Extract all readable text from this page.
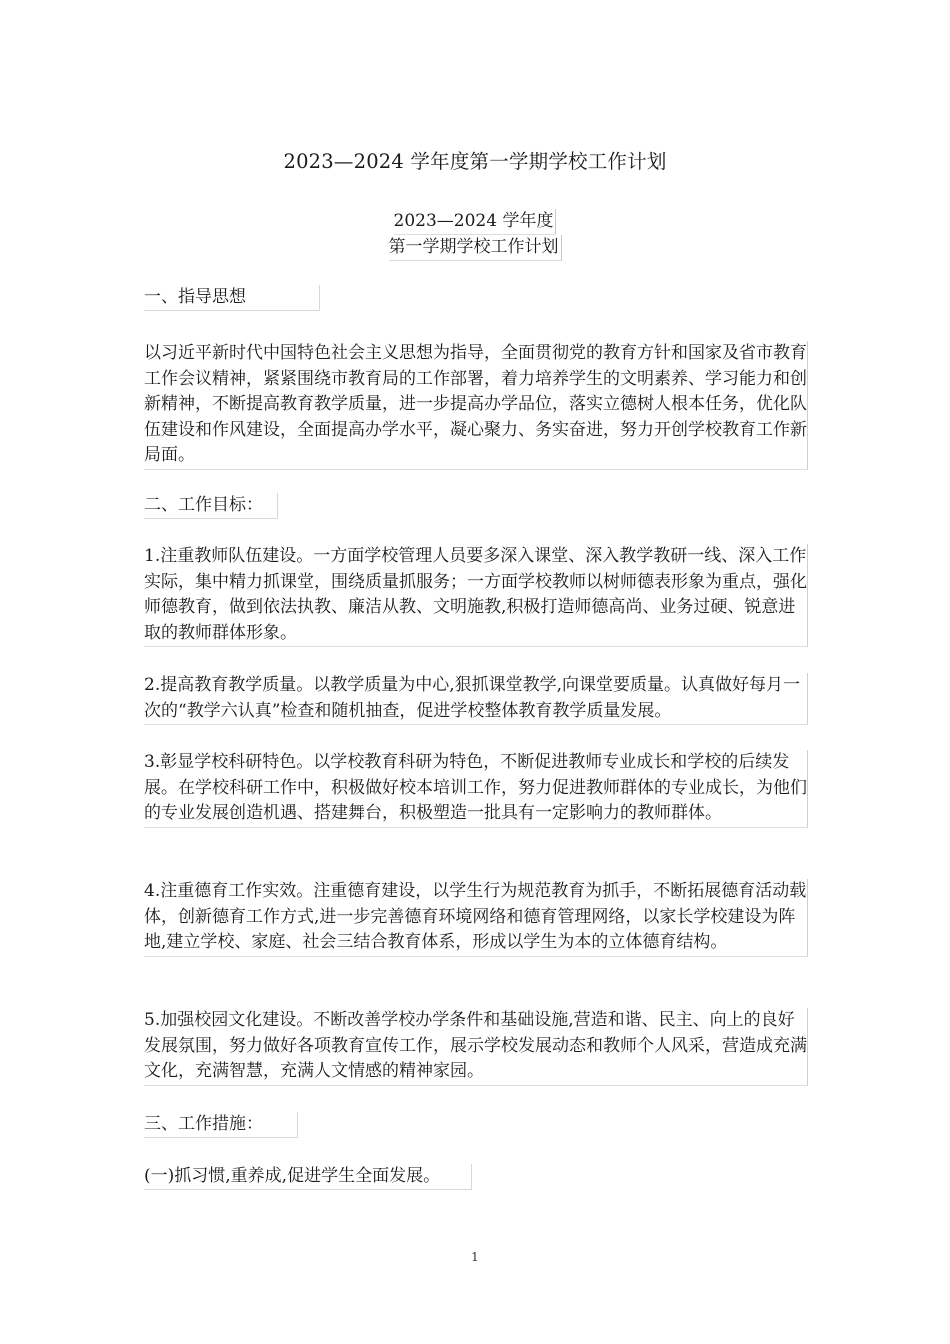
2023—2024 学年度第一学期学校工作计划
2023—2024 学年度
第一学期学校工作计划
一、指导思想

以习近平新时代中国特色社会主义思想为指导，全面贯彻党的教育方针和国家及省市教育工作会议精神，紧紧围绕市教育局的工作部署，着力培养学生的文明素养、学习能力和创新精神，不断提高教育教学质量，进一步提高办学品位，落实立德树人根本任务，优化队伍建设和作风建设，全面提高办学水平，凝心聚力、务实奋进，努力开创学校教育工作新局面。

二、工作目标：

1.注重教师队伍建设。一方面学校管理人员要多深入课堂、深入教学教研一线、深入工作实际，集中精力抓课堂，围绕质量抓服务；一方面学校教师以树师德表形象为重点，强化师德教育，做到依法执教、廉洁从教、文明施教,积极打造师德高尚、业务过硬、锐意进取的教师群体形象。

2.提高教育教学质量。以教学质量为中心,狠抓课堂教学,向课堂要质量。认真做好每月一次的“教学六认真”检查和随机抽查，促进学校整体教育教学质量发展。

3.彰显学校科研特色。以学校教育科研为特色，不断促进教师专业成长和学校的后续发展。在学校科研工作中，积极做好校本培训工作，努力促进教师群体的专业成长，为他们的专业发展创造机遇、搭建舞台，积极塑造一批具有一定影响力的教师群体。

4.注重德育工作实效。注重德育建设，以学生行为规范教育为抓手，不断拓展德育活动载体，创新德育工作方式,进一步完善德育环境网络和德育管理网络，以家长学校建设为阵地,建立学校、家庭、社会三结合教育体系，形成以学生为本的立体德育结构。

5.加强校园文化建设。不断改善学校办学条件和基础设施,营造和谐、民主、向上的良好发展氛围，努力做好各项教育宣传工作，展示学校发展动态和教师个人风采，营造成充满文化，充满智慧，充满人文情感的精神家园。

三、工作措施：
(一)抓习惯,重养成,促进学生全面发展。
1
